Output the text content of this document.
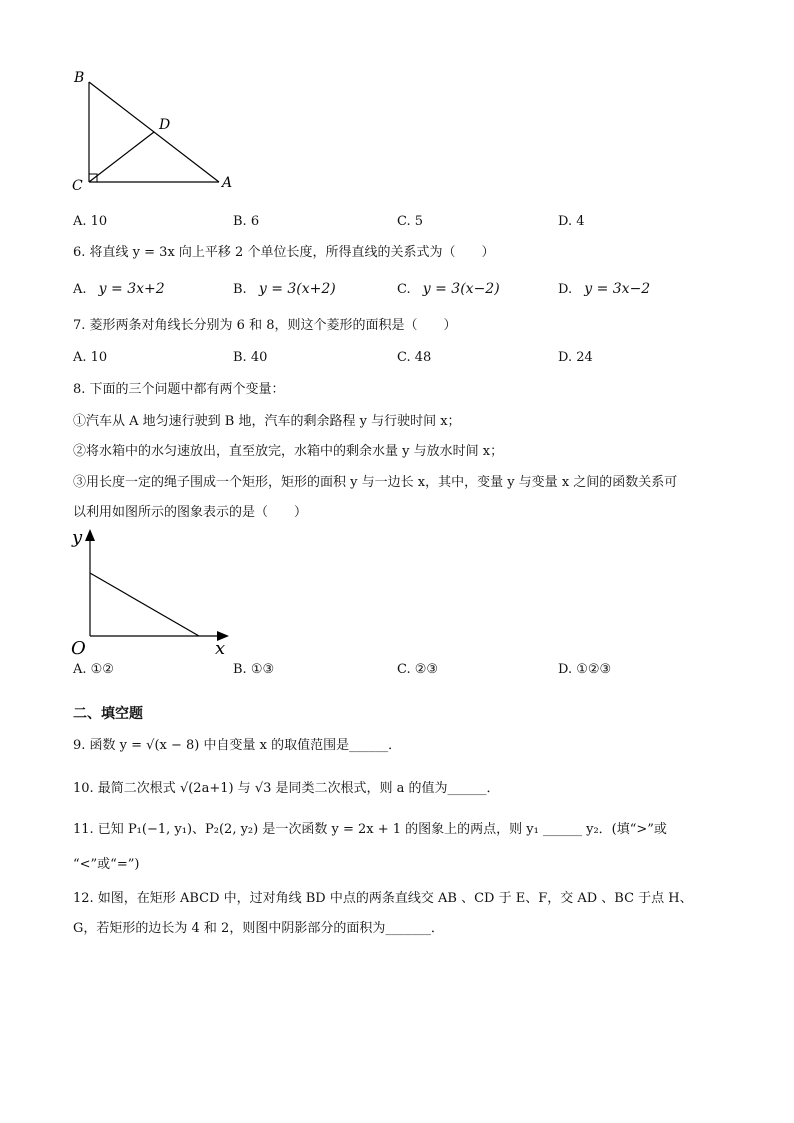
B
D
C	A
A. 10	B. 6	C. 5	D. 4
6. 将直线 y = 3x 向上平移 2 个单位长度，所得直线的关系式为（　　）
A. y = 3x+2	B. y = 3(x+2)	C. y = 3(x−2)	D. y = 3x−2
7. 菱形两条对角线长分别为 6 和 8，则这个菱形的面积是（　　）
A. 10	B. 40	C. 48	D. 24
8. 下面的三个问题中都有两个变量：
①汽车从 A 地匀速行驶到 B 地，汽车的剩余路程 y 与行驶时间 x；
②将水箱中的水匀速放出，直至放完，水箱中的剩余水量 y 与放水时间 x；
③用长度一定的绳子围成一个矩形，矩形的面积 y 与一边长 x，其中，变量 y 与变量 x 之间的函数关系可
以利用如图所示的图象表示的是（　　）
y
O	x
A. ①②	B. ①③	C. ②③	D. ①②③
二、填空题
9. 函数 y = √(x − 8) 中自变量 x 的取值范围是______．
10. 最简二次根式 √(2a+1) 与 √3 是同类二次根式，则 a 的值为______．
11. 已知 P₁(−1, y₁)、P₂(2, y₂) 是一次函数 y = 2x + 1 的图象上的两点，则 y₁ ______ y₂．(填“>”或
“<”或“=”)
12. 如图，在矩形 ABCD 中，过对角线 BD 中点的两条直线交 AB 、CD 于 E、F，交 AD 、BC 于点 H、
G，若矩形的边长为 4 和 2，则图中阴影部分的面积为_______．
